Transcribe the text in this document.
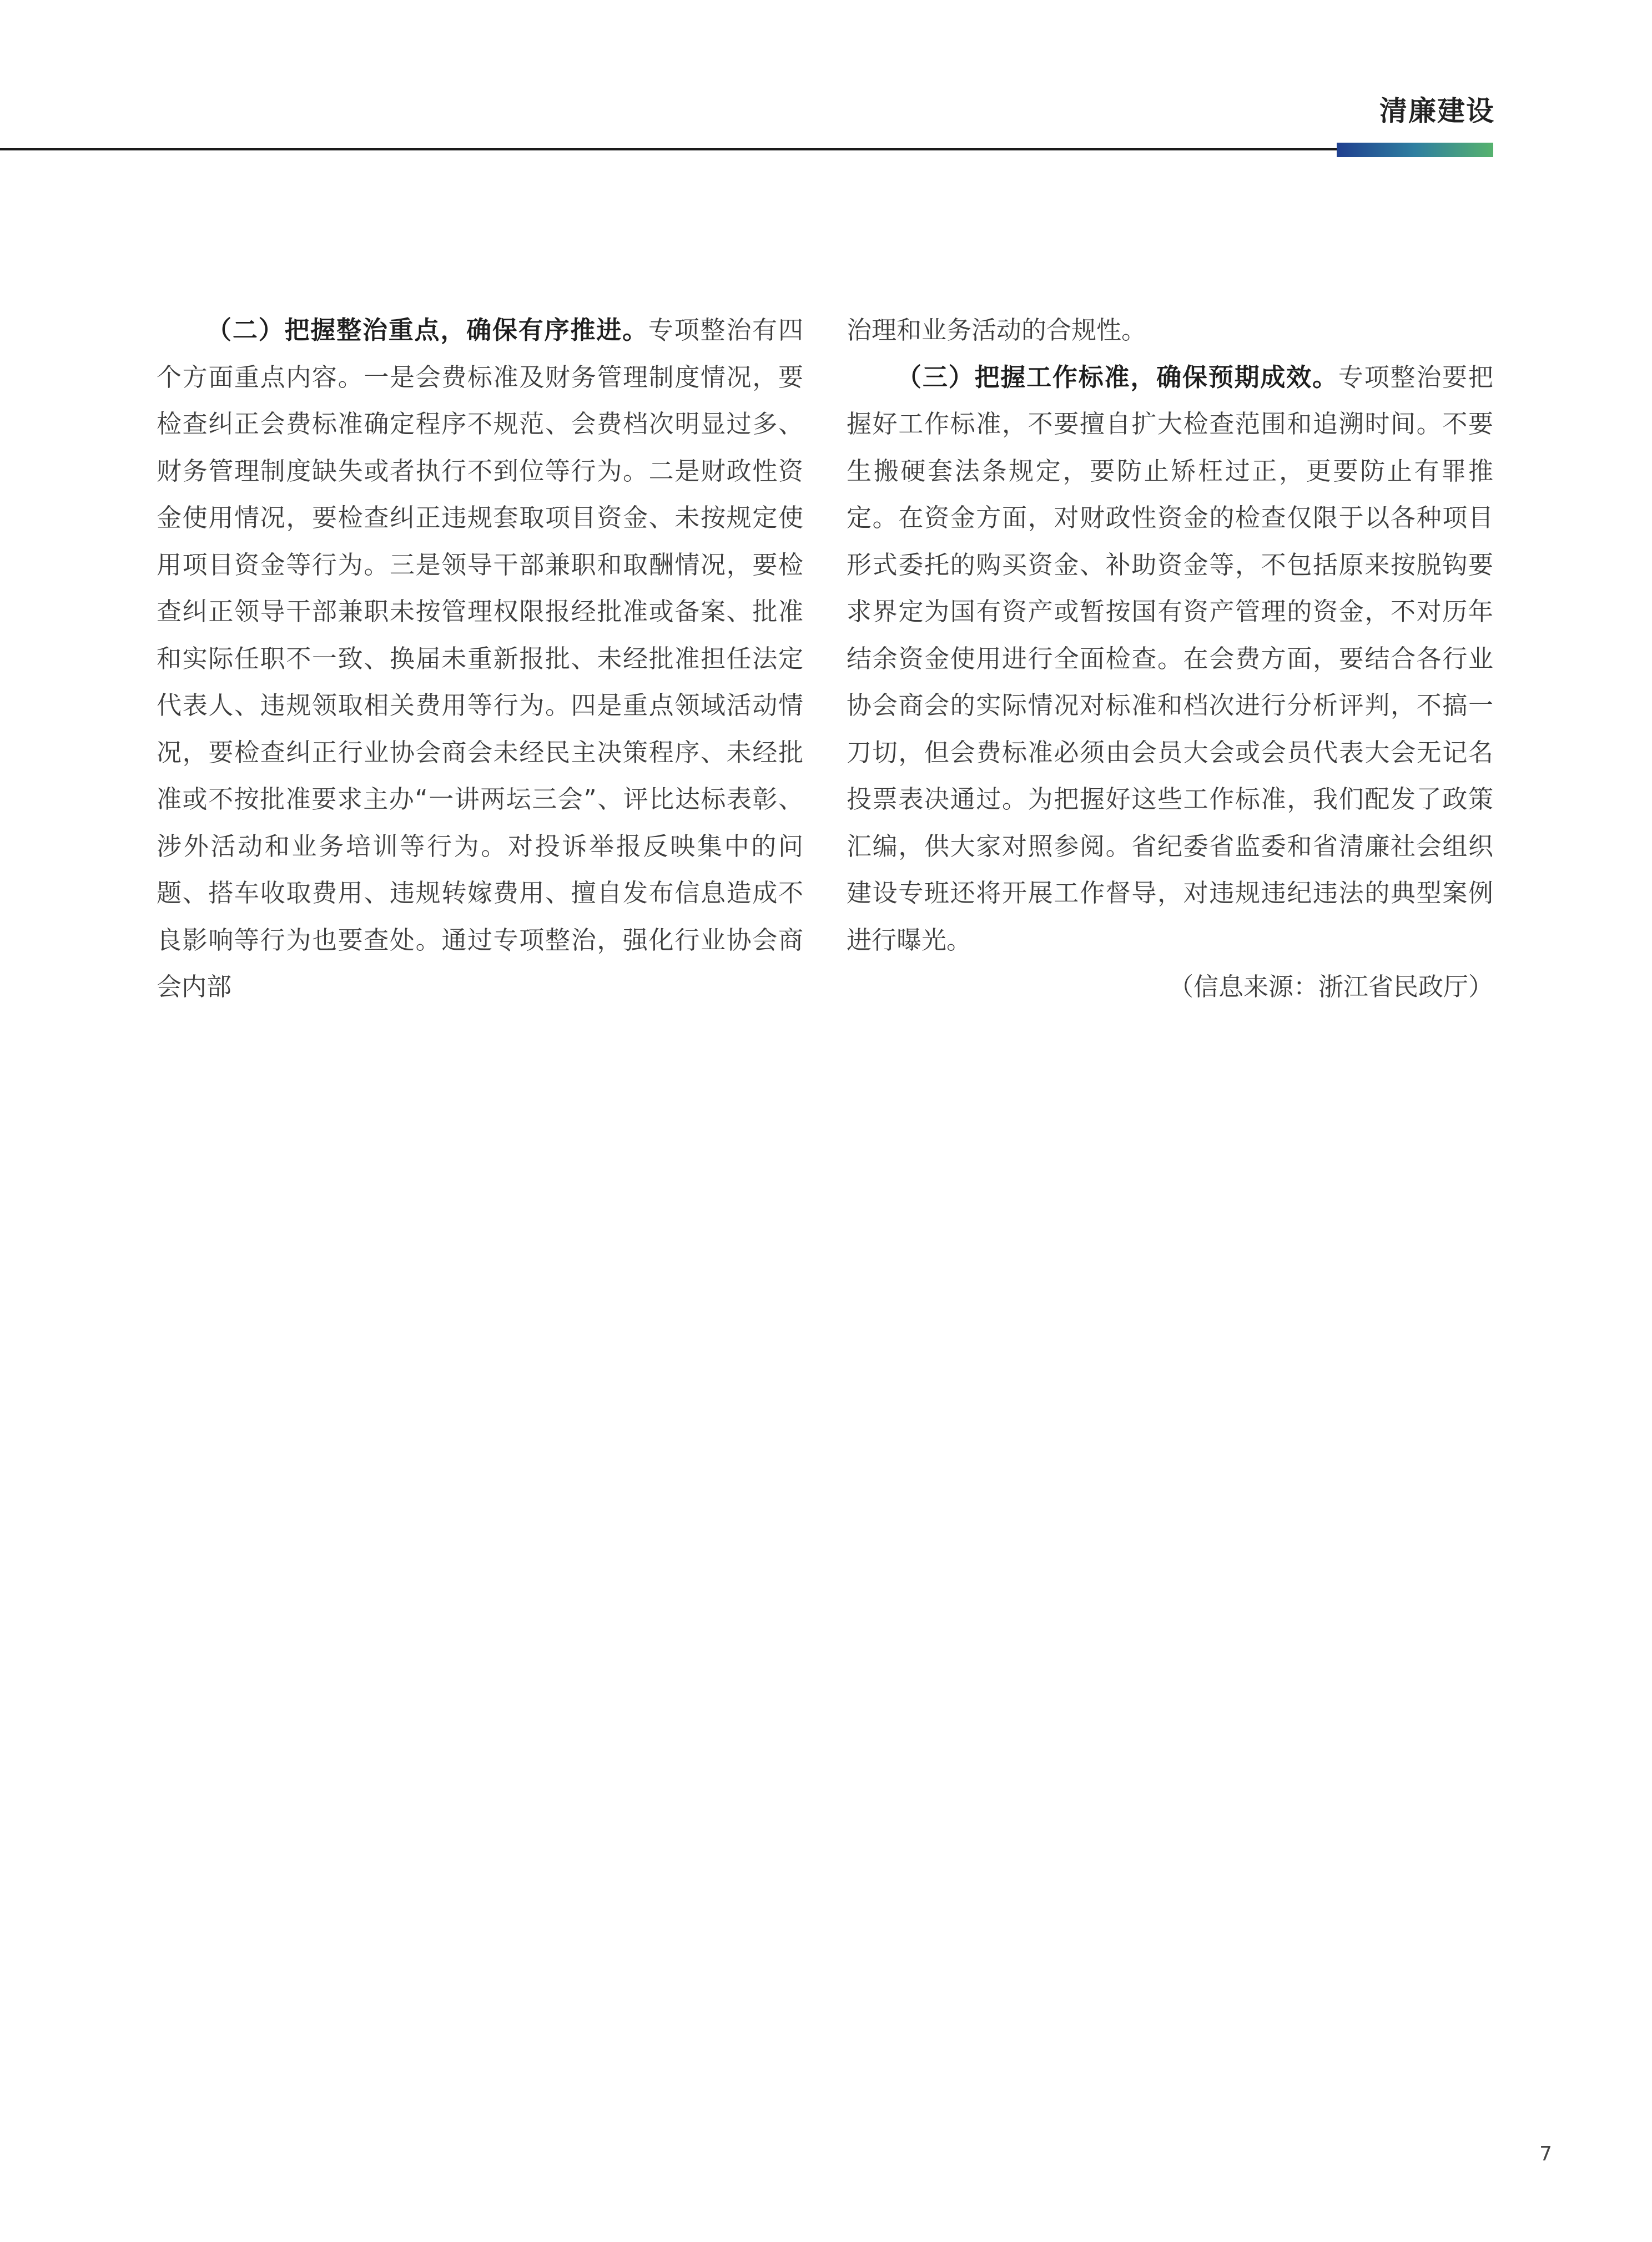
清廉建设

（二）把握整治重点，确保有序推进。专项整治有四个方面重点内容。一是会费标准及财务管理制度情况，要检查纠正会费标准确定程序不规范、会费档次明显过多、财务管理制度缺失或者执行不到位等行为。二是财政性资金使用情况，要检查纠正违规套取项目资金、未按规定使用项目资金等行为。三是领导干部兼职和取酬情况，要检查纠正领导干部兼职未按管理权限报经批准或备案、批准和实际任职不一致、换届未重新报批、未经批准担任法定代表人、违规领取相关费用等行为。四是重点领域活动情况，要检查纠正行业协会商会未经民主决策程序、未经批准或不按批准要求主办“一讲两坛三会”、评比达标表彰、涉外活动和业务培训等行为。对投诉举报反映集中的问题、搭车收取费用、违规转嫁费用、擅自发布信息造成不良影响等行为也要查处。通过专项整治，强化行业协会商会内部

治理和业务活动的合规性。

（三）把握工作标准，确保预期成效。专项整治要把握好工作标准，不要擅自扩大检查范围和追溯时间。不要生搬硬套法条规定，要防止矫枉过正，更要防止有罪推定。在资金方面，对财政性资金的检查仅限于以各种项目形式委托的购买资金、补助资金等，不包括原来按脱钩要求界定为国有资产或暂按国有资产管理的资金，不对历年结余资金使用进行全面检查。在会费方面，要结合各行业协会商会的实际情况对标准和档次进行分析评判，不搞一刀切，但会费标准必须由会员大会或会员代表大会无记名投票表决通过。为把握好这些工作标准，我们配发了政策汇编，供大家对照参阅。省纪委省监委和省清廉社会组织建设专班还将开展工作督导，对违规违纪违法的典型案例进行曝光。

（信息来源：浙江省民政厅）

7
